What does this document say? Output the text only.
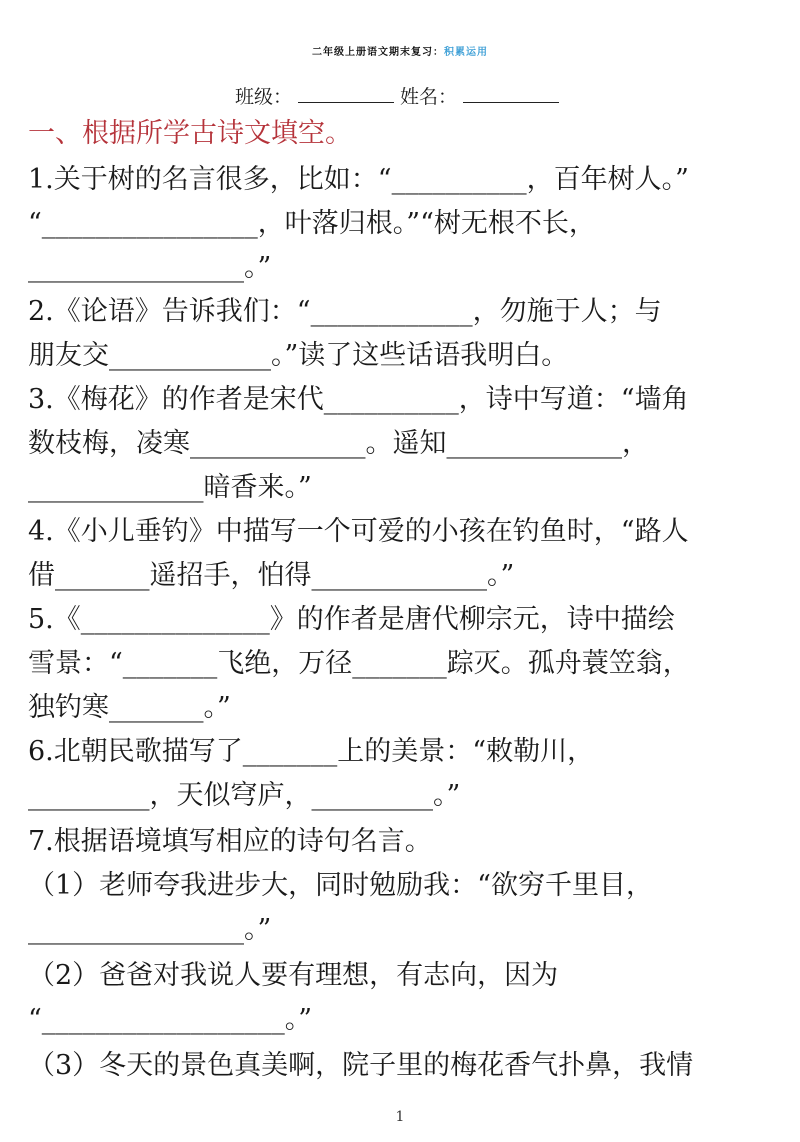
二年级上册语文期末复习：积累运用
班级：	姓名：
一、根据所学古诗文填空。
1.关于树的名言很多，比如：“__________，百年树人。”
“________________，叶落归根。”“树无根不长，
________________。”
2.《论语》告诉我们：“____________，勿施于人；与
朋友交____________。”读了这些话语我明白。
3.《梅花》的作者是宋代__________，诗中写道：“墙角
数枝梅，凌寒_____________。遥知_____________，
_____________暗香来。”
4.《小儿垂钓》中描写一个可爱的小孩在钓鱼时，“路人
借_______遥招手，怕得_____________。”
5.《______________》的作者是唐代柳宗元，诗中描绘
雪景：“_______飞绝，万径_______踪灭。孤舟蓑笠翁，
独钓寒_______。”
6.北朝民歌描写了_______上的美景：“敕勒川，
_________，天似穹庐，_________。”
7.根据语境填写相应的诗句名言。
（1）老师夸我进步大，同时勉励我：“欲穷千里目，
________________。”
（2）爸爸对我说人要有理想，有志向，因为
“__________________。”
（3）冬天的景色真美啊，院子里的梅花香气扑鼻，我情
1
